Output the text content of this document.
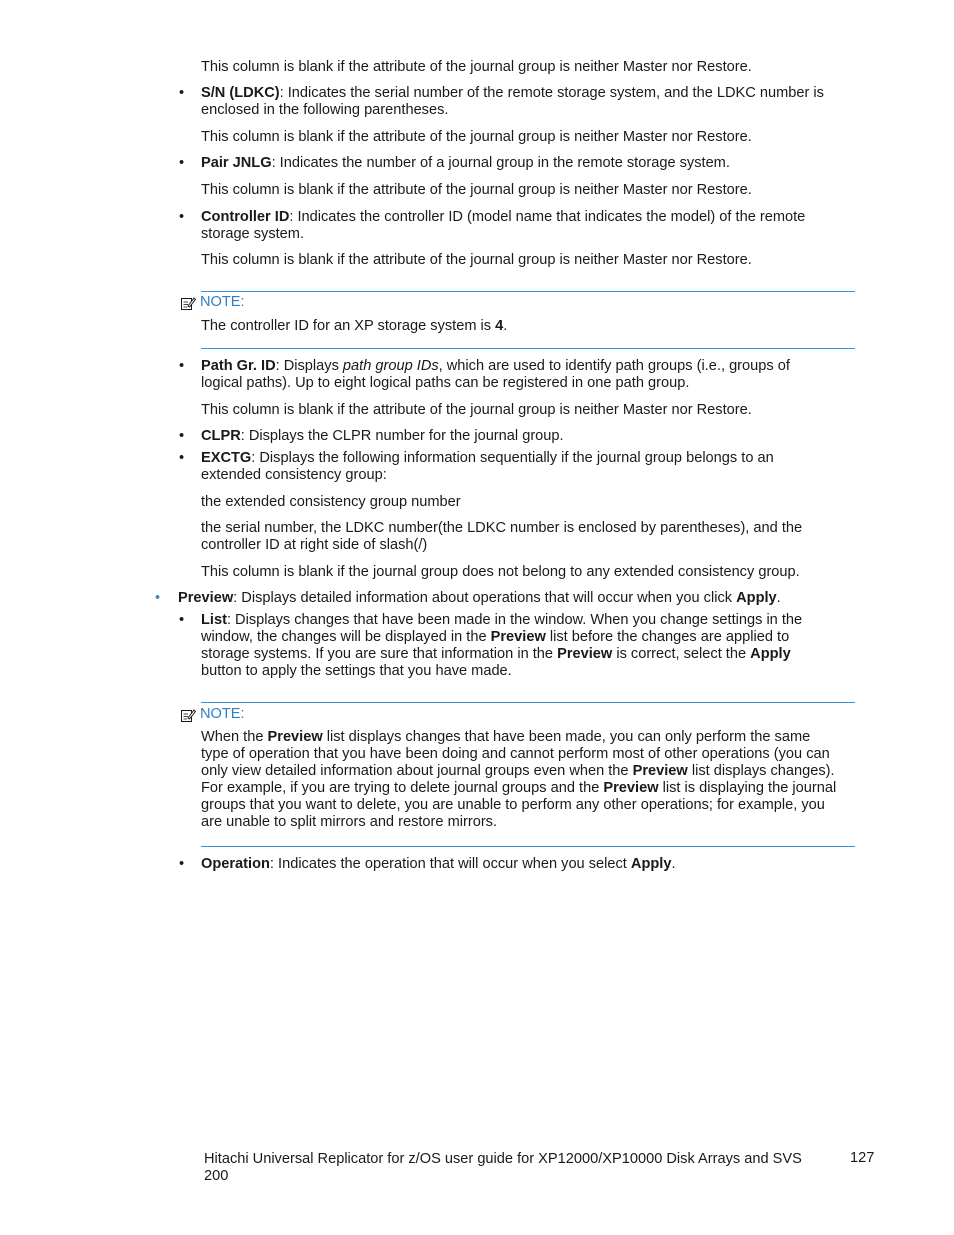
This column is blank if the attribute of the journal group is neither Master nor Restore.

• S/N (LDKC): Indicates the serial number of the remote storage system, and the LDKC number is enclosed in the following parentheses.

This column is blank if the attribute of the journal group is neither Master nor Restore.

• Pair JNLG: Indicates the number of a journal group in the remote storage system.

This column is blank if the attribute of the journal group is neither Master nor Restore.

• Controller ID: Indicates the controller ID (model name that indicates the model) of the remote storage system.

This column is blank if the attribute of the journal group is neither Master nor Restore.

NOTE:

The controller ID for an XP storage system is 4.

• Path Gr. ID: Displays path group IDs, which are used to identify path groups (i.e., groups of logical paths). Up to eight logical paths can be registered in one path group.

This column is blank if the attribute of the journal group is neither Master nor Restore.

• CLPR: Displays the CLPR number for the journal group.

• EXCTG: Displays the following information sequentially if the journal group belongs to an extended consistency group:

the extended consistency group number

the serial number, the LDKC number(the LDKC number is enclosed by parentheses), and the controller ID at right side of slash(/)

This column is blank if the journal group does not belong to any extended consistency group.

• Preview: Displays detailed information about operations that will occur when you click Apply.

• List: Displays changes that have been made in the window. When you change settings in the window, the changes will be displayed in the Preview list before the changes are applied to storage systems. If you are sure that information in the Preview is correct, select the Apply button to apply the settings that you have made.

NOTE:

When the Preview list displays changes that have been made, you can only perform the same type of operation that you have been doing and cannot perform most of other operations (you can only view detailed information about journal groups even when the Preview list displays changes). For example, if you are trying to delete journal groups and the Preview list is displaying the journal groups that you want to delete, you are unable to perform any other operations; for example, you are unable to split mirrors and restore mirrors.

• Operation: Indicates the operation that will occur when you select Apply.

Hitachi Universal Replicator for z/OS user guide for XP12000/XP10000 Disk Arrays and SVS 200
127
